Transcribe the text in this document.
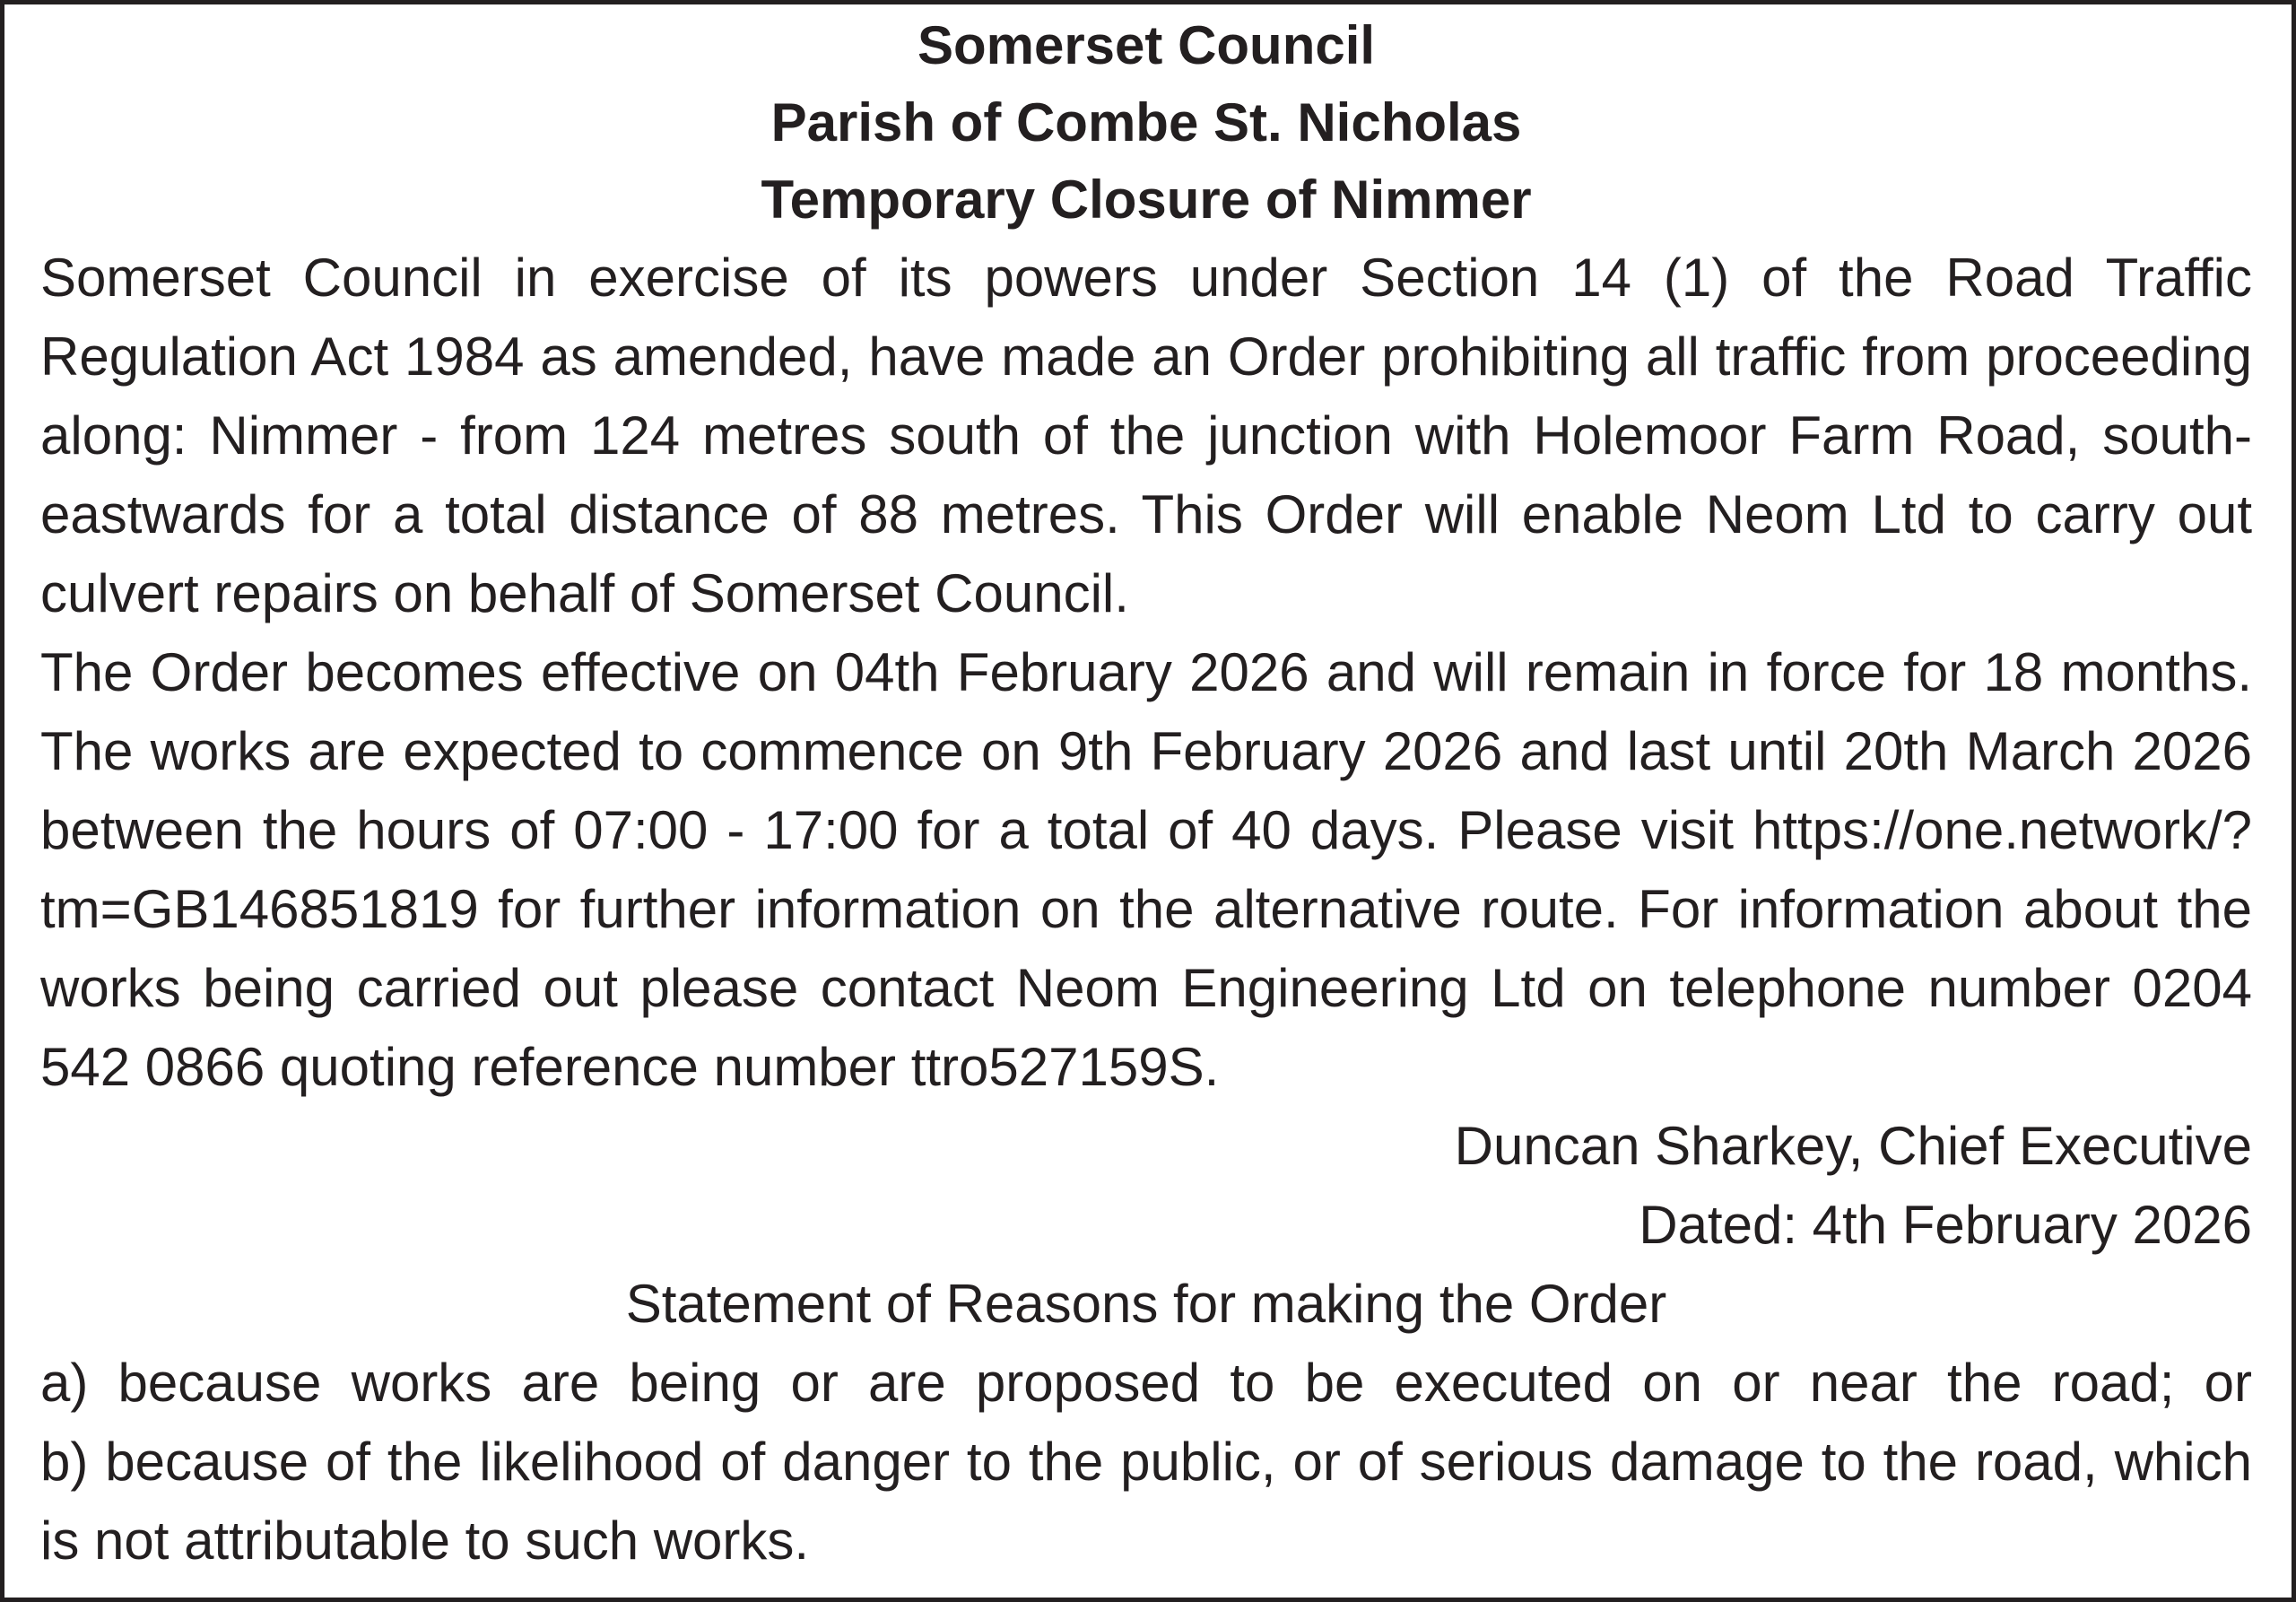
Somerset Council

Parish of Combe St. Nicholas

Temporary Closure of Nimmer

Somerset Council in exercise of its powers under Section 14 (1) of the Road Traffic Regulation Act 1984 as amended, have made an Order prohibiting all traffic from proceeding along: Nimmer - from 124 metres south of the junction with Holemoor Farm Road, south-eastwards for a total distance of 88 metres. This Order will enable Neom Ltd to carry out culvert repairs on behalf of Somerset Council.

The Order becomes effective on 04th February 2026 and will remain in force for 18 months. The works are expected to commence on 9th February 2026 and last until 20th March 2026 between the hours of 07:00 - 17:00 for a total of 40 days. Please visit https://one.network/?tm=GB146851819 for further information on the alternative route. For information about the works being carried out please contact Neom Engineering Ltd on telephone number 0204 542 0866 quoting reference number ttro527159S.

Duncan Sharkey, Chief Executive

Dated: 4th February 2026

Statement of Reasons for making the Order

a) because works are being or are proposed to be executed on or near the road; or

b) because of the likelihood of danger to the public, or of serious damage to the road, which is not attributable to such works.
